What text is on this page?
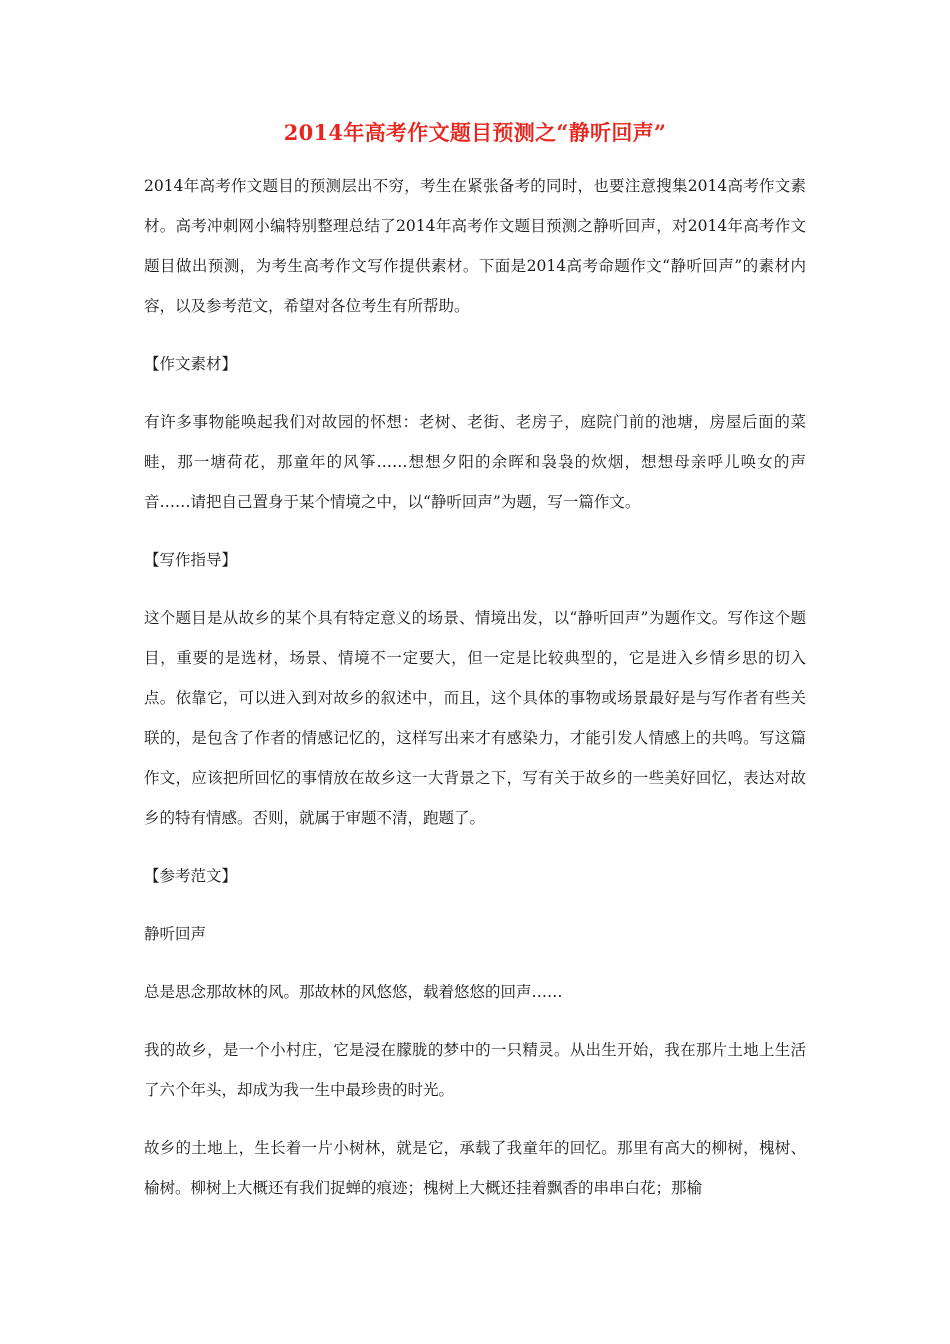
2014年高考作文题目预测之“静听回声”

2014年高考作文题目的预测层出不穷，考生在紧张备考的同时，也要注意搜集2014高考作文素材。高考冲刺网小编特别整理总结了2014年高考作文题目预测之静听回声，对2014年高考作文题目做出预测，为考生高考作文写作提供素材。下面是2014高考命题作文“静听回声”的素材内容，以及参考范文，希望对各位考生有所帮助。

【作文素材】

有许多事物能唤起我们对故园的怀想：老树、老街、老房子，庭院门前的池塘，房屋后面的菜畦，那一塘荷花，那童年的风筝……想想夕阳的余晖和袅袅的炊烟，想想母亲呼儿唤女的声音……请把自己置身于某个情境之中，以“静听回声”为题，写一篇作文。

【写作指导】

这个题目是从故乡的某个具有特定意义的场景、情境出发，以“静听回声”为题作文。写作这个题目，重要的是选材，场景、情境不一定要大，但一定是比较典型的，它是进入乡情乡思的切入点。依靠它，可以进入到对故乡的叙述中，而且，这个具体的事物或场景最好是与写作者有些关联的，是包含了作者的情感记忆的，这样写出来才有感染力，才能引发人情感上的共鸣。写这篇作文，应该把所回忆的事情放在故乡这一大背景之下，写有关于故乡的一些美好回忆，表达对故乡的特有情感。否则，就属于审题不清，跑题了。

【参考范文】

静听回声

总是思念那故林的风。那故林的风悠悠，载着悠悠的回声……

我的故乡，是一个小村庄，它是浸在朦胧的梦中的一只精灵。从出生开始，我在那片土地上生活了六个年头，却成为我一生中最珍贵的时光。

故乡的土地上，生长着一片小树林，就是它，承载了我童年的回忆。那里有高大的柳树，槐树、榆树。柳树上大概还有我们捉蝉的痕迹；槐树上大概还挂着飘香的串串白花；那榆
